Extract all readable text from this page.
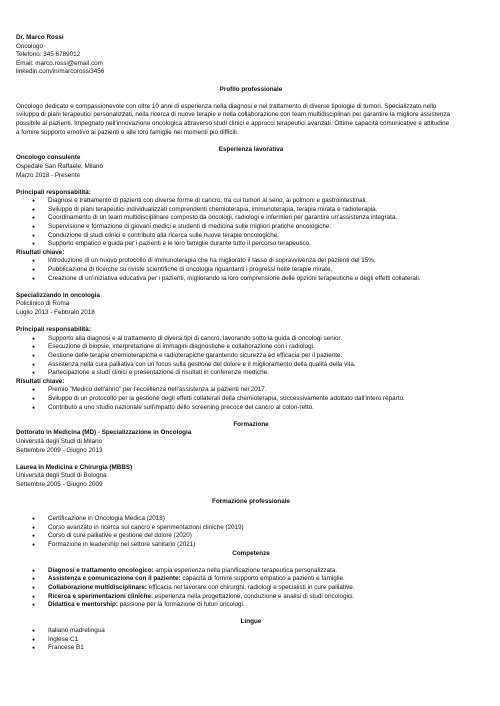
Dr. Marco Rossi
Oncologo
Telefono: 345 6789012
Email: marco.rossi@email.com
linkedin.com/in/marcorossi3456
Profilo professionale
Oncologo dedicato e compassionevole con oltre 10 anni di esperienza nella diagnosi e nel trattamento di diverse tipologie di tumori. Specializzato nello
sviluppo di piani terapeutici personalizzati, nella ricerca di nuove terapie e nella collaborazione con team multidisciplinari per garantire la migliore assistenza
possibile ai pazienti. Impegnato nell'innovazione oncologica attraverso studi clinici e approcci terapeutici avanzati. Ottime capacità comunicative e attitudine
a fornire supporto emotivo ai pazienti e alle loro famiglie nei momenti più difficili.
Esperienza lavorativa
Oncologo consulente
Ospedale San Raffaele, Milano
Marzo 2018 - Presente
Principali responsabilità:
● Diagnosi e trattamento di pazienti con diverse forme di cancro, tra cui tumori al seno, ai polmoni e gastrointestinali.
● Sviluppo di piani terapeutici individualizzati comprendenti chemioterapia, immunoterapia, terapia mirata e radioterapia.
● Coordinamento di un team multidisciplinare composto da oncologi, radiologi e infermieri per garantire un'assistenza integrata.
● Supervisione e formazione di giovani medici e studenti di medicina sulle migliori pratiche oncologiche.
● Conduzione di studi clinici e contributo alla ricerca sulle nuove terapie oncologiche.
● Supporto empatico e guida per i pazienti e le loro famiglie durante tutto il percorso terapeutico.
Risultati chiave:
● Introduzione di un nuovo protocollo di immunoterapia che ha migliorato il tasso di sopravvivenza dei pazienti del 15%.
● Pubblicazione di ricerche su riviste scientifiche di oncologia riguardanti i progressi nelle terapie mirate.
● Creazione di un'iniziativa educativa per i pazienti, migliorando la loro comprensione delle opzioni terapeutiche e degli effetti collaterali.
Specializzando in oncologia
Policlinico di Roma
Luglio 2013 - Febbraio 2018
Principali responsabilità:
● Supporto alla diagnosi e al trattamento di diversi tipi di cancro, lavorando sotto la guida di oncologi senior.
● Esecuzione di biopsie, interpretazione di immagini diagnostiche e collaborazione con i radiologi.
● Gestione delle terapie chemioterapiche e radioterapiche garantendo sicurezza ed efficacia per il paziente.
● Assistenza nella cura palliativa con un focus sulla gestione del dolore e il miglioramento della qualità della vita.
● Partecipazione a studi clinici e presentazione di risultati in conferenze mediche.
Risultati chiave:
● Premio "Medico dell'anno" per l'eccellenza nell'assistenza ai pazienti nel 2017.
● Sviluppo di un protocollo per la gestione degli effetti collaterali della chemioterapia, successivamente adottato dall'intero reparto.
● Contributo a uno studio nazionale sull'impatto dello screening precoce del cancro al colon-retto.
Formazione
Dottorato in Medicina (MD) - Specializzazione in Oncologia
Università degli Studi di Milano
Settembre 2009 - Giugno 2013
Laurea in Medicina e Chirurgia (MBBS)
Università degli Studi di Bologna
Settembre 2005 - Giugno 2009
Formazione professionale
● Certificazione in Oncologia Medica (2018)
● Corso avanzato in ricerca sul cancro e sperimentazioni cliniche (2019)
● Corso di cure palliative e gestione del dolore (2020)
● Formazione in leadership nel settore sanitario (2021)
Competenze
● Diagnosi e trattamento oncologico: ampia esperienza nella pianificazione terapeutica personalizzata.
● Assistenza e comunicazione con il paziente: capacità di fornire supporto empatico a pazienti e famiglie.
● Collaborazione multidisciplinare: efficacia nel lavorare con chirurghi, radiologi e specialisti in cure palliative.
● Ricerca e sperimentazioni cliniche: esperienza nella progettazione, conduzione e analisi di studi oncologici.
● Didattica e mentorship: passione per la formazione di futuri oncologi.
Lingue
● Italiano madrelingua
● Inglese C1
● Francese B1
